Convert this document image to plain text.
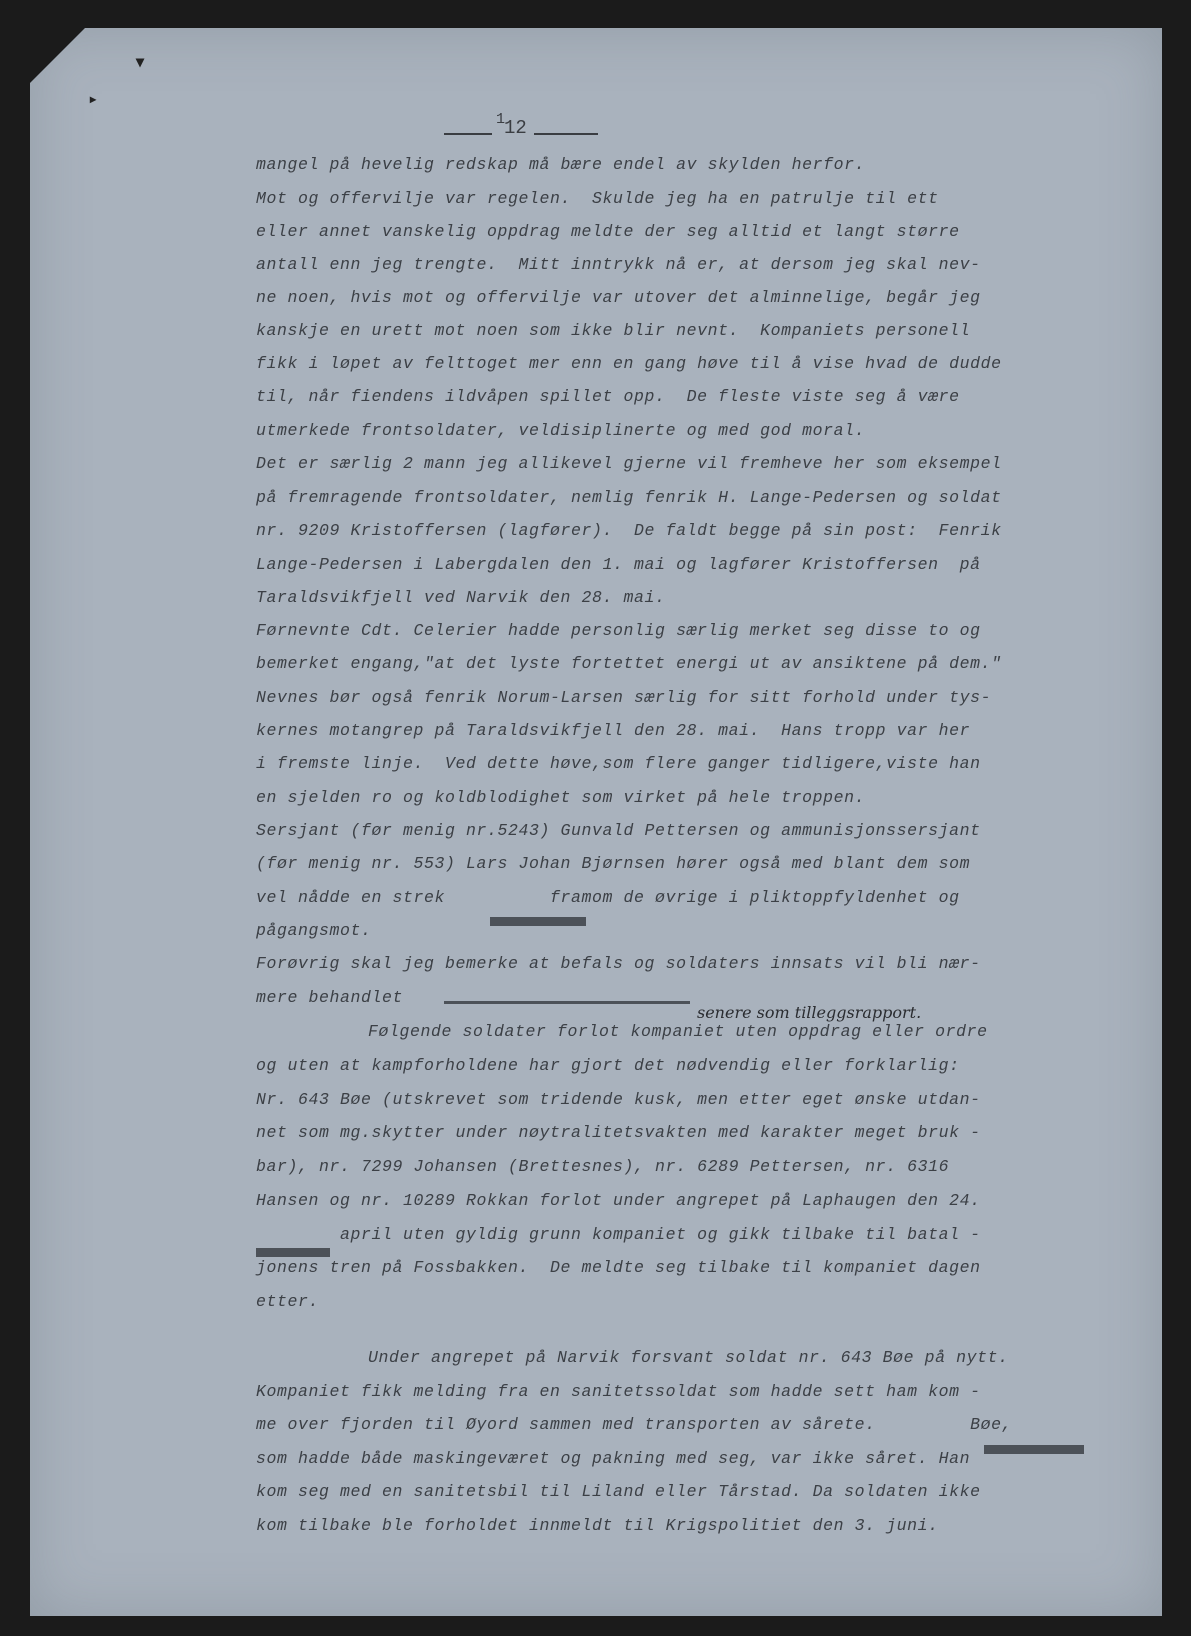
▾
▸
1
12
mangel på hevelig redskap må bære endel av skylden herfor.
Mot og offervilje var regelen.  Skulde jeg ha en patrulje til ett
eller annet vanskelig oppdrag meldte der seg alltid et langt større
antall enn jeg trengte.  Mitt inntrykk nå er, at dersom jeg skal nev-
ne noen, hvis mot og offervilje var utover det alminnelige, begår jeg
kanskje en urett mot noen som ikke blir nevnt.  Kompaniets personell
fikk i løpet av felttoget mer enn en gang høve til å vise hvad de dudde
til, når fiendens ildvåpen spillet opp.  De fleste viste seg å være
utmerkede frontsoldater, veldisiplinerte og med god moral.
Det er særlig 2 mann jeg allikevel gjerne vil fremheve her som eksempel
på fremragende frontsoldater, nemlig fenrik H. Lange-Pedersen og soldat
nr. 9209 Kristoffersen (lagfører).  De faldt begge på sin post:  Fenrik
Lange-Pedersen i Labergdalen den 1. mai og lagfører Kristoffersen  på
Taraldsvikfjell ved Narvik den 28. mai.
Førnevnte Cdt. Celerier hadde personlig særlig merket seg disse to og
bemerket engang,"at det lyste fortettet energi ut av ansiktene på dem."
Nevnes bør også fenrik Norum-Larsen særlig for sitt forhold under tys-
kernes motangrep på Taraldsvikfjell den 28. mai.  Hans tropp var her
i fremste linje.  Ved dette høve,som flere ganger tidligere,viste han
en sjelden ro og koldblodighet som virket på hele troppen.
Sersjant (før menig nr.5243) Gunvald Pettersen og ammunisjonssersjant
(før menig nr. 553) Lars Johan Bjørnsen hører også med blant dem som
vel nådde en strek          framom de øvrige i pliktoppfyldenhet og
pågangsmot.
Forøvrig skal jeg bemerke at befals og soldaters innsats vil bli nær-
mere behandlet
Følgende soldater forlot kompaniet uten oppdrag eller ordre
og uten at kampforholdene har gjort det nødvendig eller forklarlig:
Nr. 643 Bøe (utskrevet som tridende kusk, men etter eget ønske utdan-
net som mg.skytter under nøytralitetsvakten med karakter meget bruk -
bar), nr. 7299 Johansen (Brettesnes), nr. 6289 Pettersen, nr. 6316
Hansen og nr. 10289 Rokkan forlot under angrepet på Laphaugen den 24.
april uten gyldig grunn kompaniet og gikk tilbake til batal -
jonens tren på Fossbakken.  De meldte seg tilbake til kompaniet dagen
etter.
Under angrepet på Narvik forsvant soldat nr. 643 Bøe på nytt.
Kompaniet fikk melding fra en sanitetssoldat som hadde sett ham kom -
me over fjorden til Øyord sammen med transporten av sårete.         Bøe,
som hadde både maskingeværet og pakning med seg, var ikke såret. Han
kom seg med en sanitetsbil til Liland eller Tårstad. Da soldaten ikke
kom tilbake ble forholdet innmeldt til Krigspolitiet den 3. juni.
senere som tilleggsrapport.
